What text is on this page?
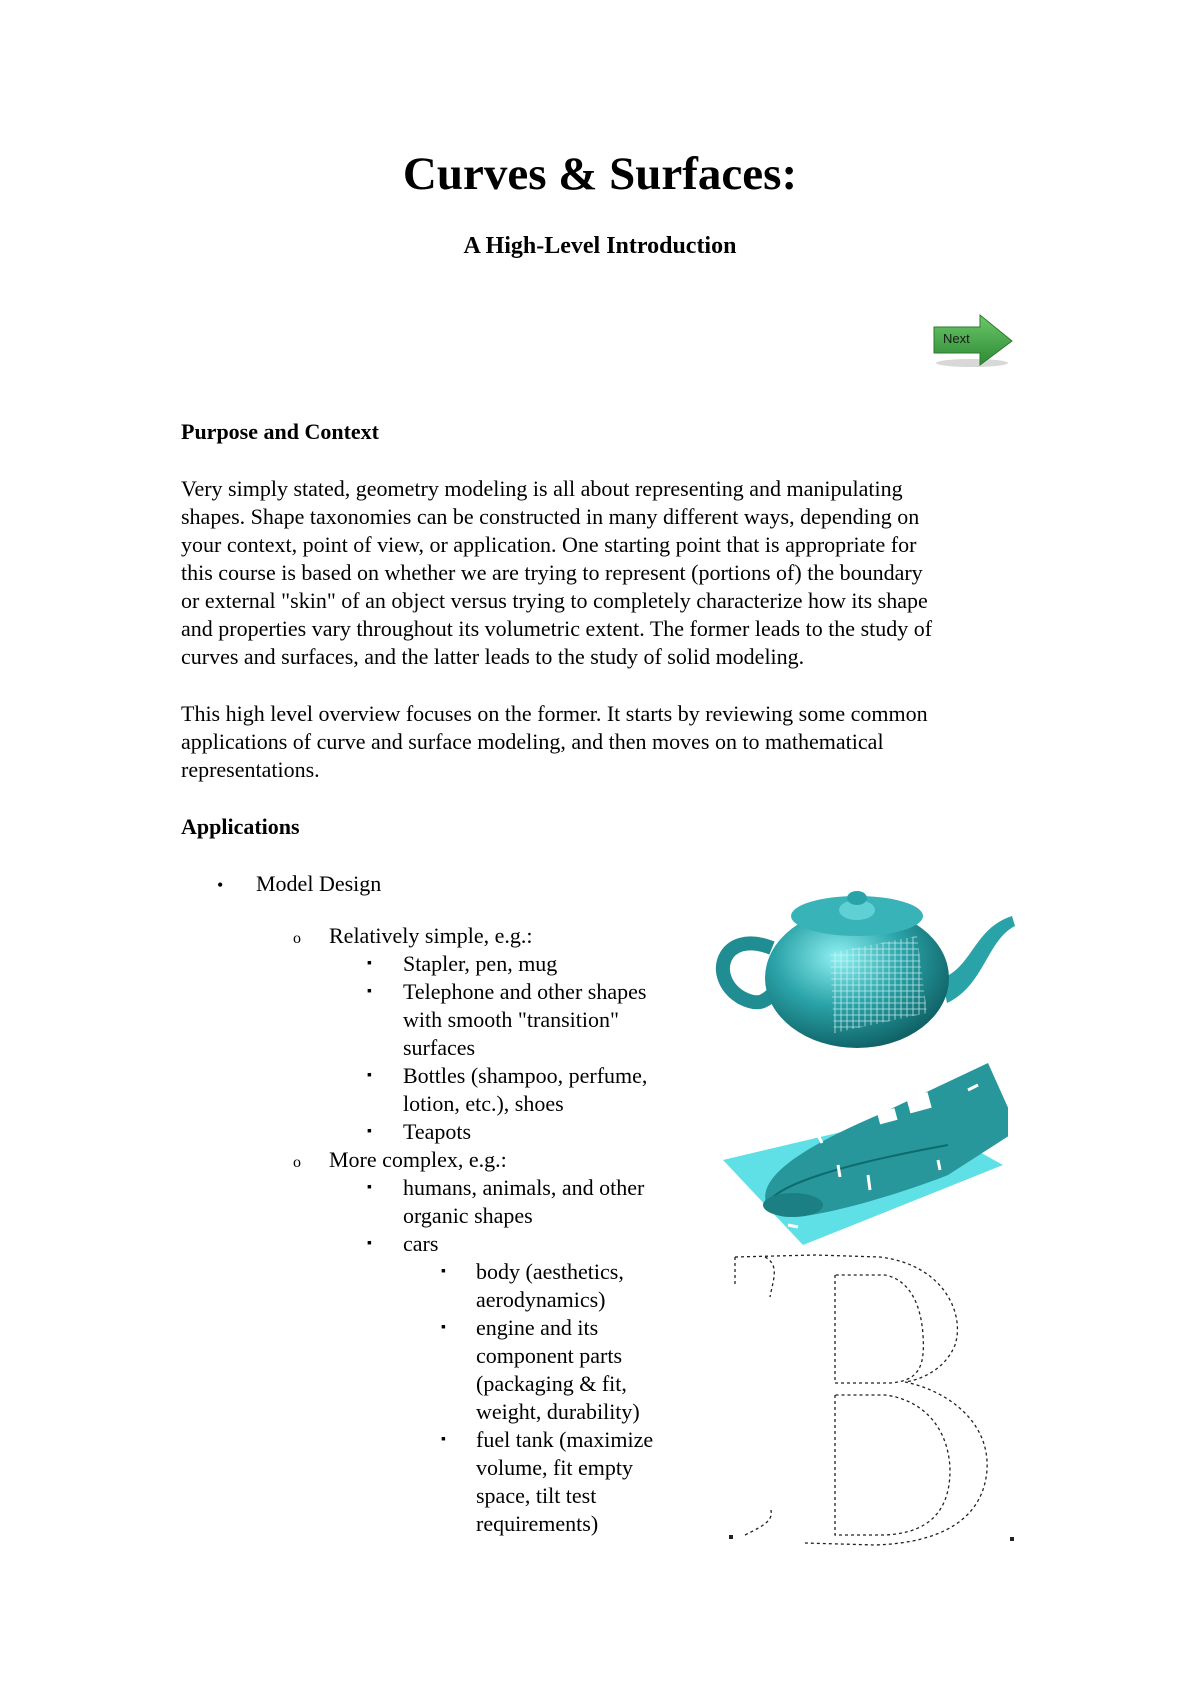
Curves & Surfaces:
A High-Level Introduction
Next
Purpose and Context
Very simply stated, geometry modeling is all about representing and manipulating
shapes. Shape taxonomies can be constructed in many different ways, depending on
your context, point of view, or application. One starting point that is appropriate for
this course is based on whether we are trying to represent (portions of) the boundary
or external "skin" of an object versus trying to completely characterize how its shape
and properties vary throughout its volumetric extent. The former leads to the study of
curves and surfaces, and the latter leads to the study of solid modeling.
This high level overview focuses on the former. It starts by reviewing some common
applications of curve and surface modeling, and then moves on to mathematical
representations.
Applications
• Model Design
o Relatively simple, e.g.:
▪ Stapler, pen, mug
▪ Telephone and other shapes
with smooth "transition"
surfaces
▪ Bottles (shampoo, perfume,
lotion, etc.), shoes
▪ Teapots
o More complex, e.g.:
▪ humans, animals, and other
organic shapes
▪ cars
▪ body (aesthetics,
aerodynamics)
▪ engine and its
component parts
(packaging & fit,
weight, durability)
▪ fuel tank (maximize
volume, fit empty
space, tilt test
requirements)
